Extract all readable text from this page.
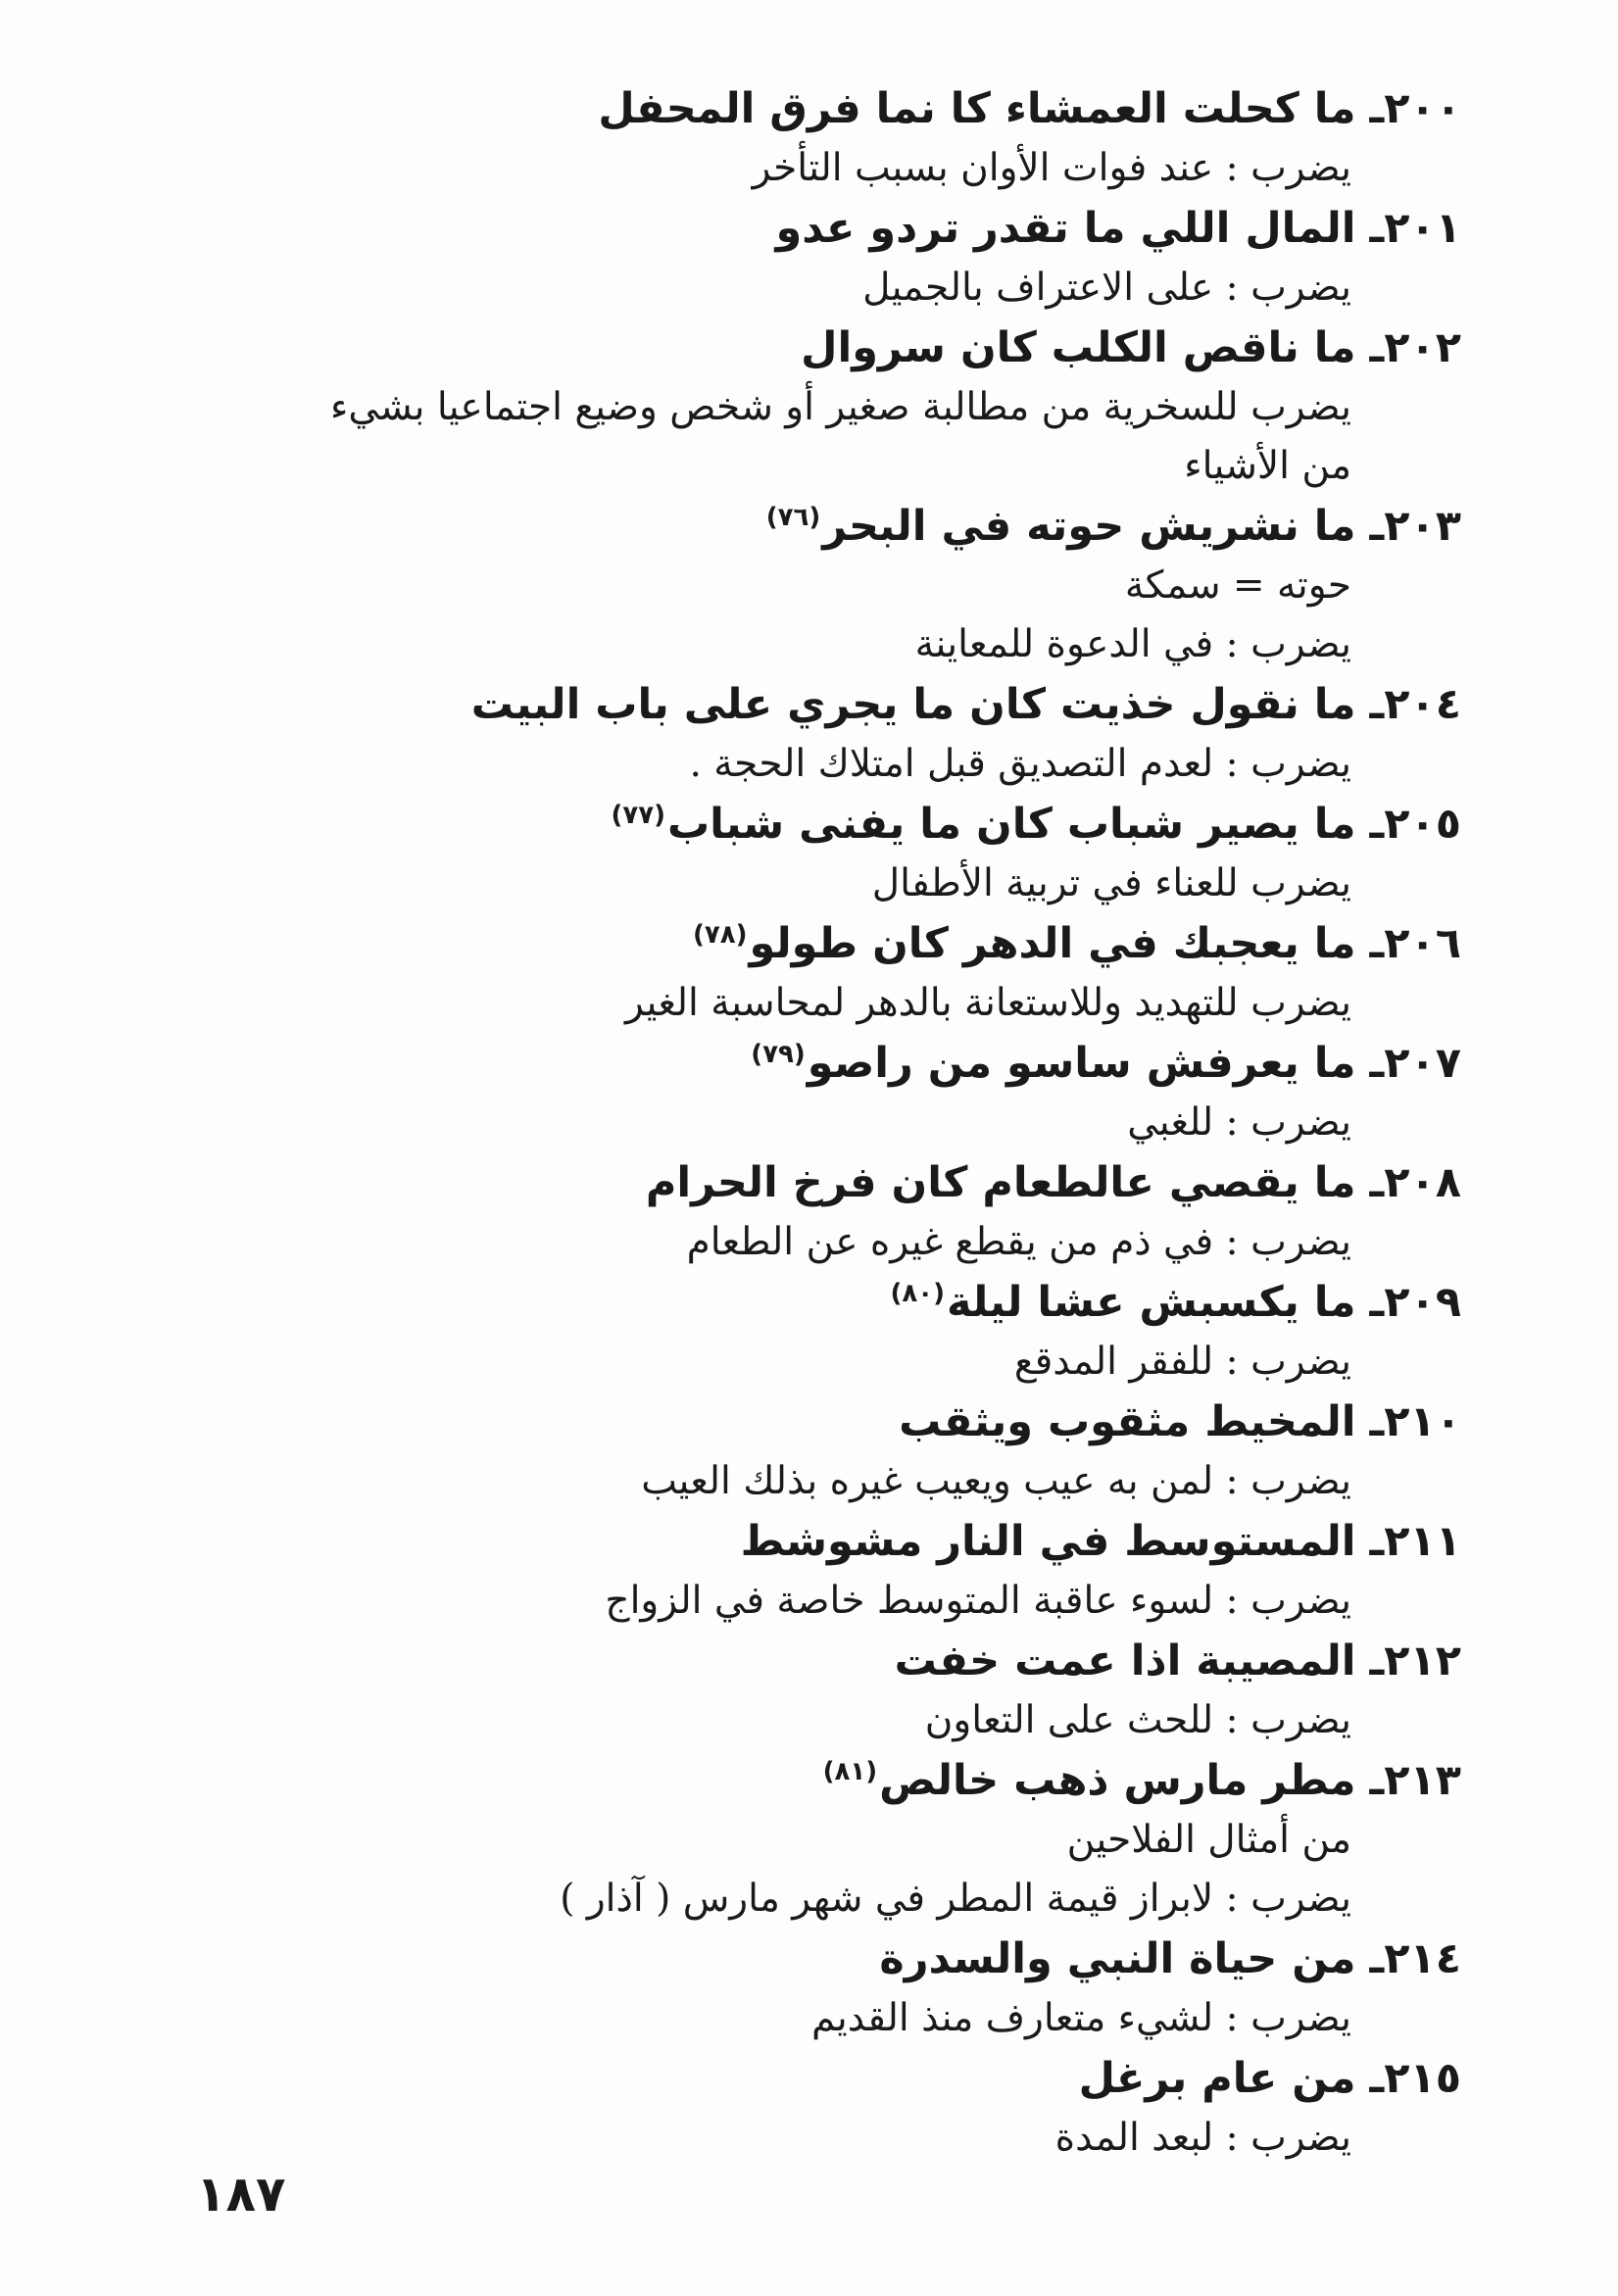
٢٠٠ـما كحلت العمشاء كا نما فرق المحفل
يضرب : عند فوات الأوان بسبب التأخر
٢٠١ـالمال اللي ما تقدر تردو عدو
يضرب : على الاعتراف بالجميل
٢٠٢ـما ناقص الكلب كان سروال
يضرب للسخرية من مطالبة صغير أو شخص وضيع اجتماعيا بشيء
من الأشياء
٢٠٣ـما نشريش حوته في البحر$^{(٧٦)}$
حوته = سمكة
يضرب : في الدعوة للمعاينة
٢٠٤ـما نقول خذيت كان ما يجري على باب البيت
يضرب : لعدم التصديق قبل امتلاك الحجة .
٢٠٥ـما يصير شباب كان ما يفنى شباب$^{(٧٧)}$
يضرب للعناء في تربية الأطفال
٢٠٦ـما يعجبك في الدهر كان طولو$^{(٧٨)}$
يضرب للتهديد وللاستعانة بالدهر لمحاسبة الغير
٢٠٧ـما يعرفش ساسو من راصو$^{(٧٩)}$
يضرب : للغبي
٢٠٨ـما يقصي عالطعام كان فرخ الحرام
يضرب : في ذم من يقطع غيره عن الطعام
٢٠٩ـما يكسبش عشا ليلة$^{(٨٠)}$
يضرب : للفقر المدقع
٢١٠ـالمخيط مثقوب ويثقب
يضرب : لمن به عيب ويعيب غيره بذلك العيب
٢١١ـالمستوسط في النار مشوشط
يضرب : لسوء عاقبة المتوسط خاصة في الزواج
٢١٢ـالمصيبة اذا عمت خفت
يضرب : للحث على التعاون
٢١٣ـمطر مارس ذهب خالص$^{(٨١)}$
من أمثال الفلاحين
يضرب : لابراز قيمة المطر في شهر مارس ( آذار )
٢١٤ـمن حياة النبي والسدرة
يضرب : لشيء متعارف منذ القديم
٢١٥ـمن عام برغل
يضرب : لبعد المدة
١٨٧
